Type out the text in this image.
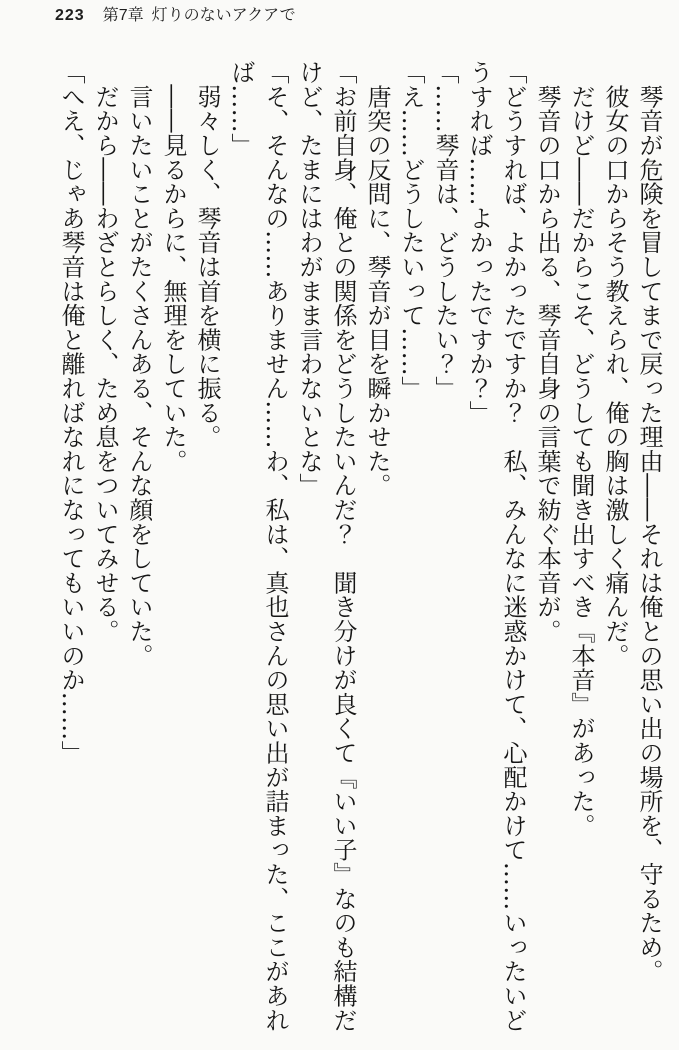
223 第7章 灯りのないアクアで

　琴音が危険を冒してまで戻った理由――それは俺との思い出の場所を、守るため。

　彼女の口からそう教えられ、俺の胸は激しく痛んだ。

　だけど――だからこそ、どうしても聞き出すべき『本音』があった。

　琴音の口から出る、琴音自身の言葉で紡ぐ本音が。

「どうすれば、よかったですか？　私、みんなに迷惑かけて、心配かけて……いったいど

うすれば……よかったですか？」

「……琴音は、どうしたい？」

「え……どうしたいって……」

　唐突の反問に、琴音が目を瞬かせた。

「お前自身、俺との関係をどうしたいんだ？　聞き分けが良くて『いい子』なのも結構だ

けど、たまにはわがまま言わないとな」

「そ、そんなの……ありません……わ、私は、真也さんの思い出が詰まった、ここがあれ

ば……」

　弱々しく、琴音は首を横に振る。

　――見るからに、無理をしていた。

　言いたいことがたくさんある、そんな顔をしていた。

　だから――わざとらしく、ため息をついてみせる。

「へえ、じゃあ琴音は俺と離ればなれになってもいいのか……」
